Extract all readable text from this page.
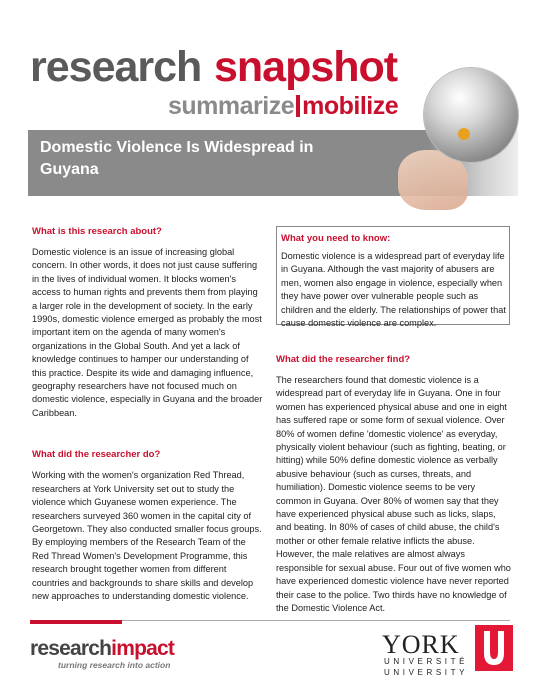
research snapshot
summarize mobilize
Domestic Violence Is Widespread in Guyana
What is this research about?

Domestic violence is an issue of increasing global concern. In other words, it does not just cause suffering in the lives of individual women. It blocks women's access to human rights and prevents them from playing a larger role in the development of society. In the early 1990s, domestic violence emerged as probably the most important item on the agenda of many women's organizations in the Global South. And yet a lack of knowledge continues to hamper our understanding of this practice. Despite its wide and damaging influence, geography researchers have not focused much on domestic violence, especially in Guyana and the broader Caribbean.

What did the researcher do?

Working with the women's organization Red Thread, researchers at York University set out to study the violence which Guyanese women experience. The researchers surveyed 360 women in the capital city of Georgetown. They also conducted smaller focus groups. By employing members of the Research Team of the Red Thread Women's Development Programme, this research brought together women from different countries and backgrounds to share skills and develop new approaches to understanding domestic violence.

What you need to know:

Domestic violence is a widespread part of everyday life in Guyana. Although the vast majority of abusers are men, women also engage in violence, especially when they have power over vulnerable people such as children and the elderly. The relationships of power that cause domestic violence are complex.

What did the researcher find?

The researchers found that domestic violence is a widespread part of everyday life in Guyana. One in four women has experienced physical abuse and one in eight has suffered rape or some form of sexual violence. Over 80% of women define 'domestic violence' as everyday, physically violent behaviour (such as fighting, beating, or hitting) while 50% define domestic violence as verbally abusive behaviour (such as curses, threats, and humiliation). Domestic violence seems to be very common in Guyana. Over 80% of women say that they have experienced physical abuse such as licks, slaps, and beating. In 80% of cases of child abuse, the child's mother or other female relative inflicts the abuse. However, the male relatives are almost always responsible for sexual abuse. Four out of five women who have experienced domestic violence have never reported their case to the police. Two thirds have no knowledge of the Domestic Violence Act.

researchimpact
turning research into action
YORK
UNIVERSITÉ
UNIVERSITY
